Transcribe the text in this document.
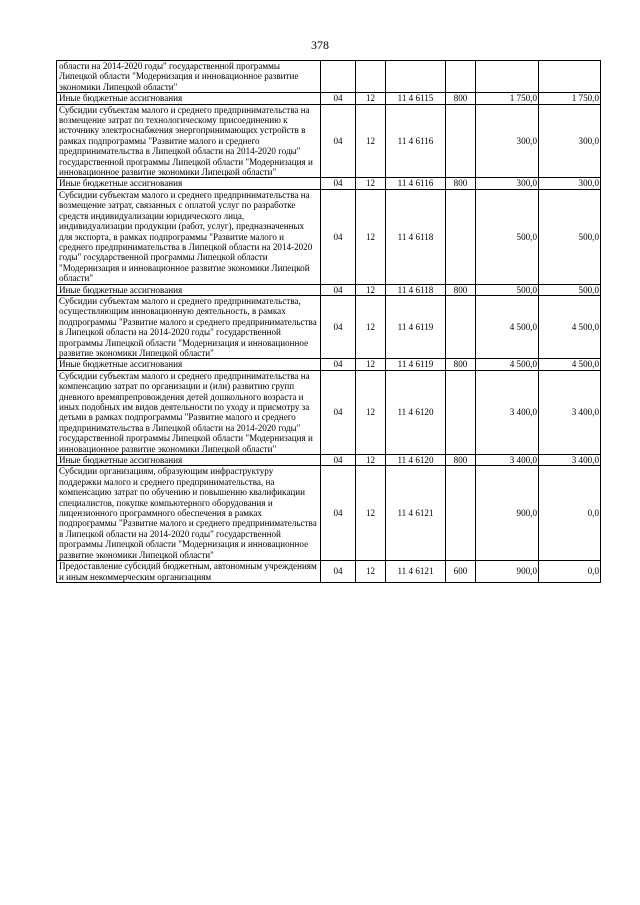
378
области на 2014-2020 годы" государственной программы Липецкой области "Модернизация и инновационное развитие экономики Липецкой области"						
Иные бюджетные ассигнования	04	12	11 4 6115	800	1 750,0	1 750,0
Субсидии субъектам малого и среднего предпринимательства на возмещение затрат по технологическому присоединению к источнику электроснабжения энергопринимающих устройств в рамках подпрограммы "Развитие малого и среднего предпринимательства в Липецкой области на 2014-2020 годы" государственной программы Липецкой области "Модернизация и инновационное развитие экономики Липецкой области"	04	12	11 4 6116		300,0	300,0
Иные бюджетные ассигнования	04	12	11 4 6116	800	300,0	300,0
Субсидии субъектам малого и среднего предпринимательства на возмещение затрат, связанных с оплатой услуг по разработке средств индивидуализации юридического лица, индивидуализации продукции (работ, услуг), предназначенных для экспорта, в рамках подпрограммы "Развитие малого и среднего предпринимательства в Липецкой области на 2014-2020 годы" государственной программы Липецкой области "Модернизация и инновационное развитие экономики Липецкой области"	04	12	11 4 6118		500,0	500,0
Иные бюджетные ассигнования	04	12	11 4 6118	800	500,0	500,0
Субсидии субъектам малого и среднего предпринимательства, осуществляющим инновационную деятельность, в рамках подпрограммы "Развитие малого и среднего предпринимательства в Липецкой области на 2014-2020 годы" государственной программы Липецкой области "Модернизация и инновационное развитие экономики Липецкой области"	04	12	11 4 6119		4 500,0	4 500,0
Иные бюджетные ассигнования	04	12	11 4 6119	800	4 500,0	4 500,0
Субсидии субъектам малого и среднего предпринимательства на компенсацию затрат по организации и (или) развитию групп дневного времяпрепровождения детей дошкольного возраста и иных подобных им видов деятельности по уходу и присмотру за детьми в рамках подпрограммы "Развитие малого и среднего предпринимательства в Липецкой области на 2014-2020 годы" государственной программы Липецкой области "Модернизация и инновационное развитие экономики Липецкой области"	04	12	11 4 6120		3 400,0	3 400,0
Иные бюджетные ассигнования	04	12	11 4 6120	800	3 400,0	3 400,0
Субсидии организациям, образующим инфраструктуру поддержки малого и среднего предпринимательства, на компенсацию затрат по обучению и повышению квалификации специалистов, покупке компьютерного оборудования и лицензионного программного обеспечения в рамках подпрограммы "Развитие малого и среднего предпринимательства в Липецкой области на 2014-2020 годы" государственной программы Липецкой области "Модернизация и инновационное развитие экономики Липецкой области"	04	12	11 4 6121		900,0	0,0
Предоставление субсидий бюджетным, автономным учреждениям и иным некоммерческим организациям	04	12	11 4 6121	600	900,0	0,0
